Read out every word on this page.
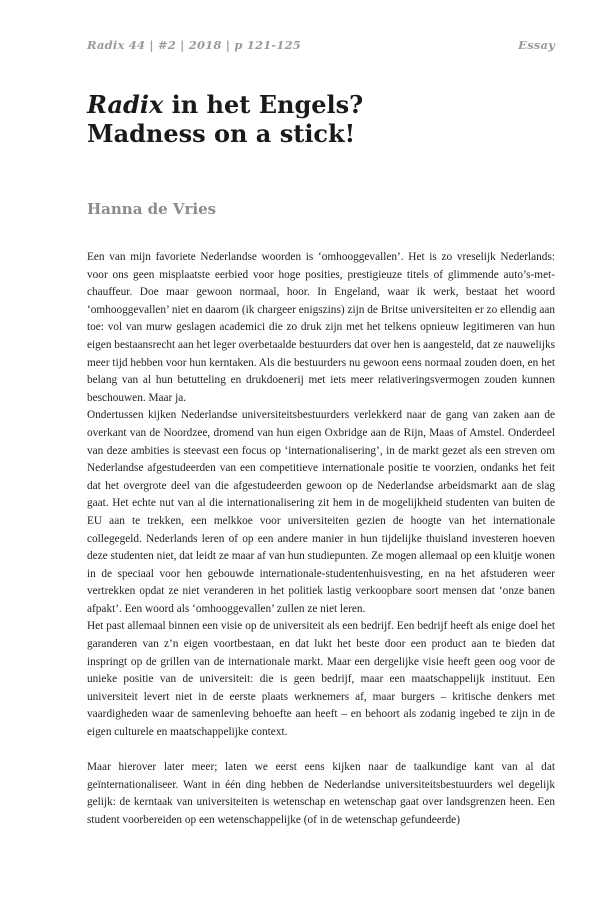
Radix 44 | #2 | 2018 | p 121-125	Essay
Radix in het Engels?
Madness on a stick!

Hanna de Vries

Een van mijn favoriete Nederlandse woorden is ‘omhooggevallen’. Het is zo vreselijk Nederlands: voor ons geen misplaatste eerbied voor hoge posities, prestigieuze titels of glimmende auto’s-met-chauffeur. Doe maar gewoon normaal, hoor. In Engeland, waar ik werk, bestaat het woord ‘omhooggevallen’ niet en daarom (ik chargeer enigszins) zijn de Britse universiteiten er zo ellendig aan toe: vol van murw geslagen academici die zo druk zijn met het telkens opnieuw legitimeren van hun eigen bestaansrecht aan het leger overbetaalde bestuurders dat over hen is aangesteld, dat ze nauwelijks meer tijd hebben voor hun kerntaken. Als die bestuurders nu gewoon eens normaal zouden doen, en het belang van al hun betutteling en drukdoenerij met iets meer relativeringsvermogen zouden kunnen beschouwen. Maar ja.

Ondertussen kijken Nederlandse universiteitsbestuurders verlekkerd naar de gang van zaken aan de overkant van de Noordzee, dromend van hun eigen Oxbridge aan de Rijn, Maas of Amstel. Onderdeel van deze ambities is steevast een focus op ‘internationalisering’, in de markt gezet als een streven om Nederlandse afgestudeerden van een competitieve internationale positie te voorzien, ondanks het feit dat het overgrote deel van die afgestudeerden gewoon op de Nederlandse arbeidsmarkt aan de slag gaat. Het echte nut van al die internationalisering zit hem in de mogelijkheid studenten van buiten de EU aan te trekken, een melkkoe voor universiteiten gezien de hoogte van het internationale collegegeld. Nederlands leren of op een andere manier in hun tijdelijke thuisland investeren hoeven deze studenten niet, dat leidt ze maar af van hun studiepunten. Ze mogen allemaal op een kluitje wonen in de speciaal voor hen gebouwde internationale-studentenhuisvesting, en na het afstuderen weer vertrekken opdat ze niet veranderen in het politiek lastig verkoopbare soort mensen dat ‘onze banen afpakt’. Een woord als ‘omhooggevallen’ zullen ze niet leren.

Het past allemaal binnen een visie op de universiteit als een bedrijf. Een bedrijf heeft als enige doel het garanderen van z’n eigen voortbestaan, en dat lukt het beste door een product aan te bieden dat inspringt op de grillen van de internationale markt. Maar een dergelijke visie heeft geen oog voor de unieke positie van de universiteit: die is geen bedrijf, maar een maatschappelijk instituut. Een universiteit levert niet in de eerste plaats werknemers af, maar burgers – kritische denkers met vaardigheden waar de samenleving behoefte aan heeft – en behoort als zodanig ingebed te zijn in de eigen culturele en maatschappelijke context.

Maar hierover later meer; laten we eerst eens kijken naar de taalkundige kant van al dat geïnternationaliseer. Want in één ding hebben de Nederlandse universiteitsbestuurders wel degelijk gelijk: de kerntaak van universiteiten is wetenschap en wetenschap gaat over landsgrenzen heen. Een student voorbereiden op een wetenschappelijke (of in de wetenschap gefundeerde)
